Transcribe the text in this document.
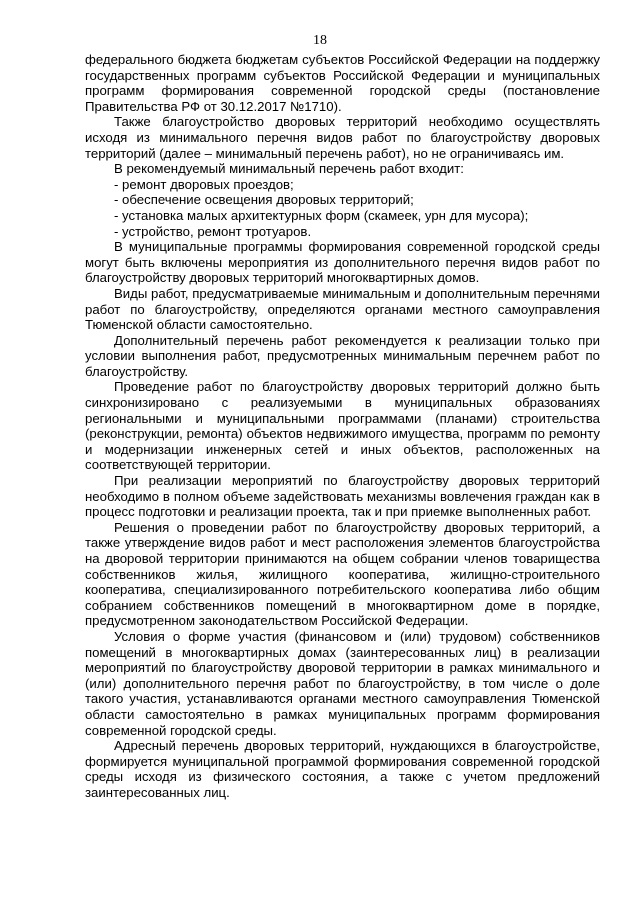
18

федерального бюджета бюджетам субъектов Российской Федерации на поддержку государственных программ субъектов Российской Федерации и муниципальных программ формирования современной городской среды (постановление Правительства РФ от 30.12.2017 №1710).

Также благоустройство дворовых территорий необходимо осуществлять исходя из минимального перечня видов работ по благоустройству дворовых территорий (далее – минимальный перечень работ), но не ограничиваясь им.

В рекомендуемый минимальный перечень работ входит:

- ремонт дворовых проездов;

- обеспечение освещения дворовых территорий;

- установка малых архитектурных форм (скамеек, урн для мусора);

- устройство, ремонт тротуаров.

В муниципальные программы формирования современной городской среды могут быть включены мероприятия из дополнительного перечня видов работ по благоустройству дворовых территорий многоквартирных домов.

Виды работ, предусматриваемые минимальным и дополнительным перечнями работ по благоустройству, определяются органами местного самоуправления Тюменской области самостоятельно.

Дополнительный перечень работ рекомендуется к реализации только при условии выполнения работ, предусмотренных минимальным перечнем работ по благоустройству.

Проведение работ по благоустройству дворовых территорий должно быть синхронизировано с реализуемыми в муниципальных образованиях региональными и муниципальными программами (планами) строительства (реконструкции, ремонта) объектов недвижимого имущества, программ по ремонту и модернизации инженерных сетей и иных объектов, расположенных на соответствующей территории.

При реализации мероприятий по благоустройству дворовых территорий необходимо в полном объеме задействовать механизмы вовлечения граждан как в процесс подготовки и реализации проекта, так и при приемке выполненных работ.

Решения о проведении работ по благоустройству дворовых территорий, а также утверждение видов работ и мест расположения элементов благоустройства на дворовой территории принимаются на общем собрании членов товарищества собственников жилья, жилищного кооператива, жилищно-строительного кооператива, специализированного потребительского кооператива либо общим собранием собственников помещений в многоквартирном доме в порядке, предусмотренном законодательством Российской Федерации.

Условия о форме участия (финансовом и (или) трудовом) собственников помещений в многоквартирных домах (заинтересованных лиц) в реализации мероприятий по благоустройству дворовой территории в рамках минимального и (или) дополнительного перечня работ по благоустройству, в том числе о доле такого участия, устанавливаются органами местного самоуправления Тюменской области самостоятельно в рамках муниципальных программ формирования современной городской среды.

Адресный перечень дворовых территорий, нуждающихся в благоустройстве, формируется муниципальной программой формирования современной городской среды исходя из физического состояния, а также с учетом предложений заинтересованных лиц.
